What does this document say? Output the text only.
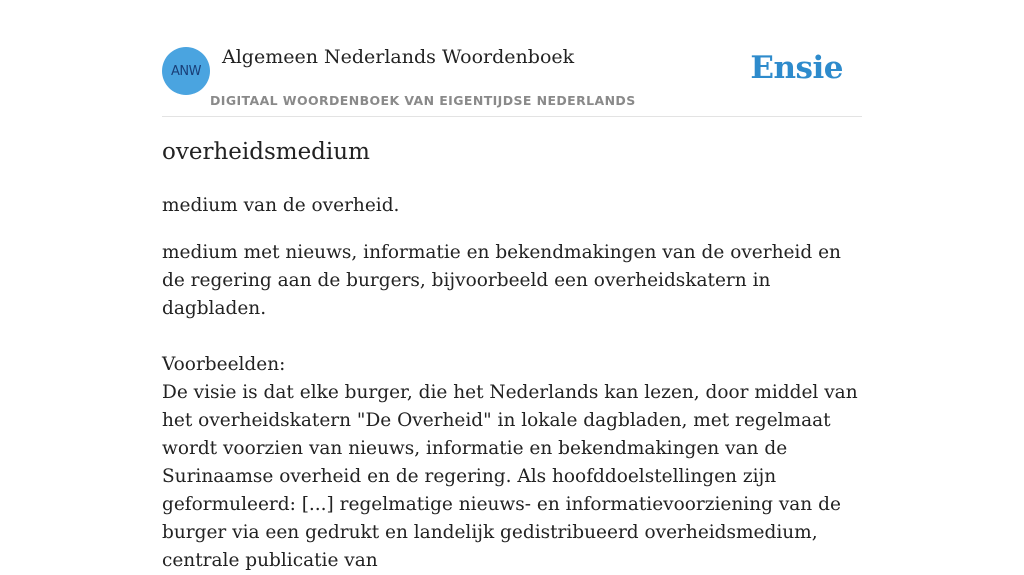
ANW
Algemeen Nederlands Woordenboek
DIGITAAL WOORDENBOEK VAN EIGENTIJDSE NEDERLANDS
Ensie
overheidsmedium

medium van de overheid.

medium met nieuws, informatie en bekendmakingen van de overheid en de regering aan de burgers, bijvoorbeeld een overheidskatern in dagbladen.

Voorbeelden:

De visie is dat elke burger, die het Nederlands kan lezen, door middel van het overheidskatern "De Overheid" in lokale dagbladen, met regelmaat wordt voorzien van nieuws, informatie en bekendmakingen van de Surinaamse overheid en de regering. Als hoofddoelstellingen zijn geformuleerd: [...] regelmatige nieuws- en informatievoorziening van de burger via een gedrukt en landelijk gedistribueerd overheidsmedium, centrale publicatie van
